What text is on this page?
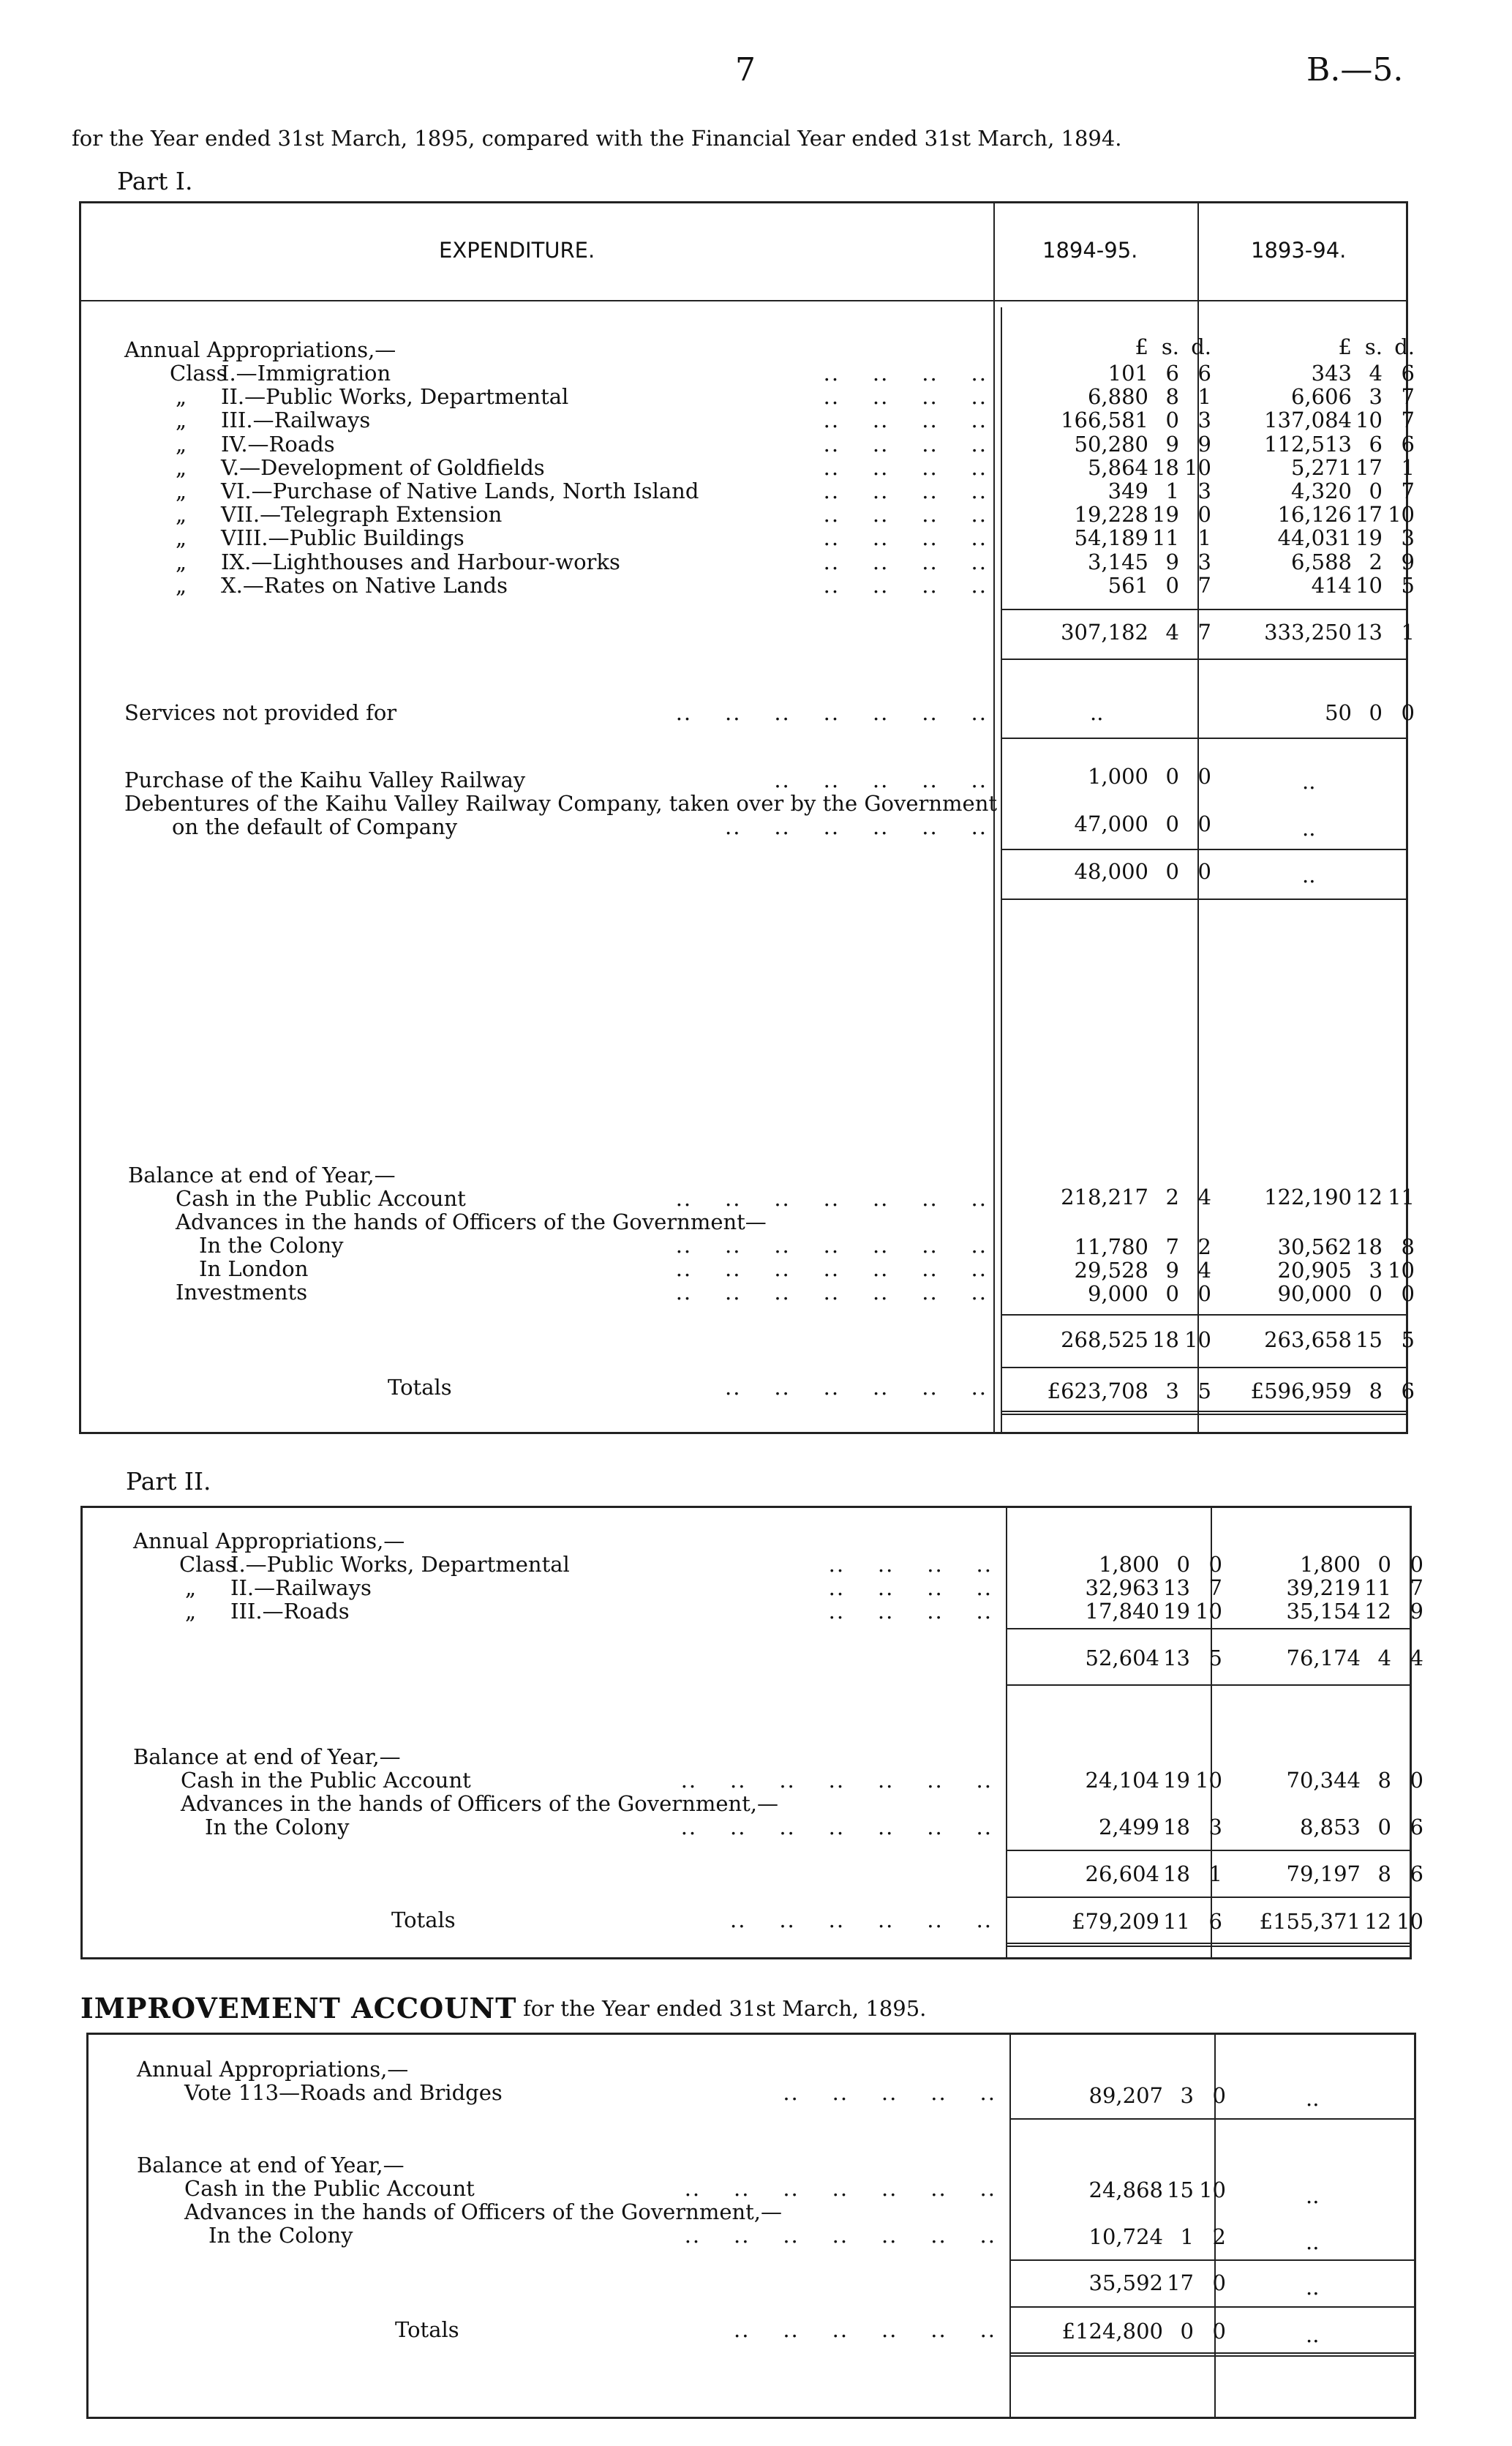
7	B.—5.
for the Year ended 31st March, 1895, compared with the Financial Year ended 31st March, 1894.
Part I.
EXPENDITURE.	1894-95.	1893-94.
£ s. d.	£ s. d.
Annual Appropriations,—
Class
I.—Immigration	..    ..    ..    ..	101 6 6	343 4 6
„ II.—Public Works, Departmental	..    ..    ..    ..	6,880 8 1	6,606 3 7
„ III.—Railways	..    ..    ..    ..	166,581 0 3	137,084 10 7
„ IV.—Roads	..    ..    ..    ..	50,280 9 9	112,513 6 6
„ V.—Development of Goldfields	..    ..    ..    ..	5,864 18 10	5,271 17 1
„ VI.—Purchase of Native Lands, North Island	..    ..    ..    ..	349 1 3	4,320 0 7
„ VII.—Telegraph Extension	..    ..    ..    ..	19,228 19 0	16,126 17 10
„ VIII.—Public Buildings	..    ..    ..    ..	54,189 11 1	44,031 19 3
„ IX.—Lighthouses and Harbour-works	..    ..    ..    ..	3,145 9 3	6,588 2 9
„ X.—Rates on Native Lands	..    ..    ..    ..	561 0 7	414 10 5
307,182 4 7	333,250 13 1
Services not provided for	..    ..    ..    ..    ..    ..    ..	..	50 0 0
Purchase of the Kaihu Valley Railway	..    ..    ..    ..    ..	1,000 0 0	..
Debentures of the Kaihu Valley Railway Company, taken over by the Government
on the default of Company	..    ..    ..    ..    ..    ..	47,000 0 0	..
48,000 0 0	..
Balance at end of Year,—
Cash in the Public Account	..    ..    ..    ..    ..    ..    ..	218,217 2 4	122,190 12 11
Advances in the hands of Officers of the Government—
In the Colony	..    ..    ..    ..    ..    ..    ..	11,780 7 2	30,562 18 8
In London	..    ..    ..    ..    ..    ..    ..	29,528 9 4	20,905 3 10
Investments	..    ..    ..    ..    ..    ..    ..	9,000 0 0	90,000 0 0
268,525 18 10	263,658 15 5
Totals	..    ..    ..    ..    ..    ..	£623,708 3 5	£596,959 8 6
Part II.
Annual Appropriations,—
Class
I.—Public Works, Departmental	..    ..    ..    ..	1,800 0 0	1,800 0 0
„ II.—Railways	..    ..    ..    ..	32,963 13 7	39,219 11 7
„ III.—Roads	..    ..    ..    ..	17,840 19 10	35,154 12 9
52,604 13 5	76,174 4 4
Balance at end of Year,—
Cash in the Public Account	..    ..    ..    ..    ..    ..    ..	24,104 19 10	70,344 8 0
Advances in the hands of Officers of the Government,—
In the Colony	..    ..    ..    ..    ..    ..    ..	2,499 18 3	8,853 0 6
26,604 18 1	79,197 8 6
Totals	..    ..    ..    ..    ..    ..	£79,209 11 6	£155,371 12 10
IMPROVEMENT ACCOUNT for the Year ended 31st March, 1895.
Annual Appropriations,—
Vote 113—Roads and Bridges	..    ..    ..    ..    ..	89,207 3 0	..
Balance at end of Year,—
Cash in the Public Account	..    ..    ..    ..    ..    ..    ..	24,868 15 10	..
Advances in the hands of Officers of the Government,—
In the Colony	..    ..    ..    ..    ..    ..    ..	10,724 1 2	..
35,592 17 0	..
Totals	..    ..    ..    ..    ..    ..	£124,800 0 0	..
